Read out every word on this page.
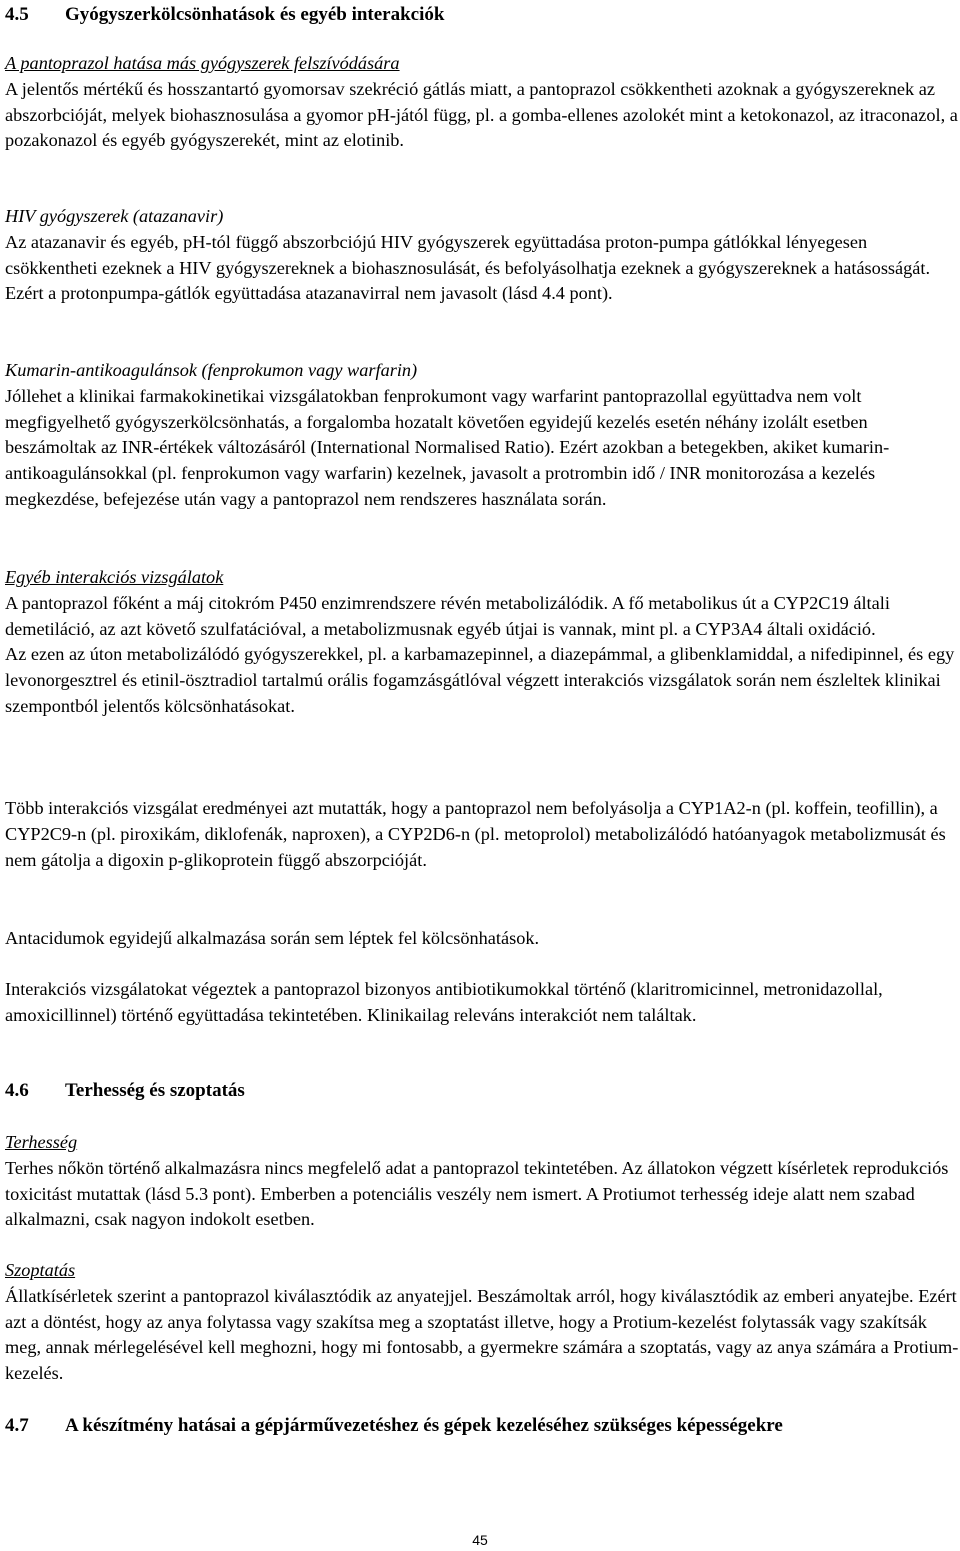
4.5 Gyógyszerkölcsönhatások és egyéb interakciók

A pantoprazol hatása más gyógyszerek felszívódására

A jelentős mértékű és hosszantartó gyomorsav szekréció gátlás miatt, a pantoprazol csökkentheti azoknak a gyógyszereknek az abszorbcióját, melyek biohasznosulása a gyomor pH-jától függ, pl. a gomba-ellenes azolokét mint a ketokonazol, az itraconazol, a pozakonazol és egyéb gyógyszerekét, mint az elotinib.

HIV gyógyszerek (atazanavir)

Az atazanavir és egyéb, pH-tól függő abszorbciójú HIV gyógyszerek együttadása proton-pumpa gátlókkal lényegesen csökkentheti ezeknek a HIV gyógyszereknek a biohasznosulását, és befolyásolhatja ezeknek a gyógyszereknek a hatásosságát. Ezért a protonpumpa-gátlók együttadása atazanavirral nem javasolt (lásd 4.4 pont).

Kumarin-antikoagulánsok (fenprokumon vagy warfarin)

Jóllehet a klinikai farmakokinetikai vizsgálatokban fenprokumont vagy warfarint pantoprazollal együttadva nem volt megfigyelhető gyógyszerkölcsönhatás, a forgalomba hozatalt követően egyidejű kezelés esetén néhány izolált esetben beszámoltak az INR-értékek változásáról (International Normalised Ratio). Ezért azokban a betegekben, akiket kumarin-antikoagulánsokkal (pl. fenprokumon vagy warfarin) kezelnek, javasolt a protrombin idő / INR monitorozása a kezelés megkezdése, befejezése után vagy a pantoprazol nem rendszeres használata során.

Egyéb interakciós vizsgálatok

A pantoprazol főként a máj citokróm P450 enzimrendszere révén metabolizálódik. A fő metabolikus út a CYP2C19 általi demetiláció, az azt követő szulfatációval, a metabolizmusnak egyéb útjai is vannak, mint pl. a CYP3A4 általi oxidáció.

Az ezen az úton metabolizálódó gyógyszerekkel, pl. a karbamazepinnel, a diazepámmal, a glibenklamiddal, a nifedipinnel, és egy levonorgesztrel és etinil-ösztradiol tartalmú orális fogamzásgátlóval végzett interakciós vizsgálatok során nem észleltek klinikai szempontból jelentős kölcsönhatásokat.

Több interakciós vizsgálat eredményei azt mutatták, hogy a pantoprazol nem befolyásolja a CYP1A2-n (pl. koffein, teofillin), a CYP2C9-n (pl. piroxikám, diklofenák, naproxen), a CYP2D6-n (pl. metoprolol) metabolizálódó hatóanyagok metabolizmusát és nem gátolja a digoxin p-glikoprotein függő abszorpcióját.

Antacidumok egyidejű alkalmazása során sem léptek fel kölcsönhatások.

Interakciós vizsgálatokat végeztek a pantoprazol bizonyos antibiotikumokkal történő (klaritromicinnel, metronidazollal, amoxicillinnel) történő együttadása tekintetében. Klinikailag releváns interakciót nem találtak.

4.6 Terhesség és szoptatás

Terhesség

Terhes nőkön történő alkalmazásra nincs megfelelő adat a pantoprazol tekintetében. Az állatokon végzett kísérletek reprodukciós toxicitást mutattak (lásd 5.3 pont). Emberben a potenciális veszély nem ismert. A Protiumot terhesség ideje alatt nem szabad alkalmazni, csak nagyon indokolt esetben.

Szoptatás

Állatkísérletek szerint a pantoprazol kiválasztódik az anyatejjel. Beszámoltak arról, hogy kiválasztódik az emberi anyatejbe. Ezért azt a döntést, hogy az anya folytassa vagy szakítsa meg a szoptatást illetve, hogy a Protium-kezelést folytassák vagy szakítsák meg, annak mérlegelésével kell meghozni, hogy mi fontosabb, a gyermekre számára a szoptatás, vagy az anya számára a Protium-kezelés.

4.7 A készítmény hatásai a gépjárművezetéshez és gépek kezeléséhez szükséges képességekre
45
